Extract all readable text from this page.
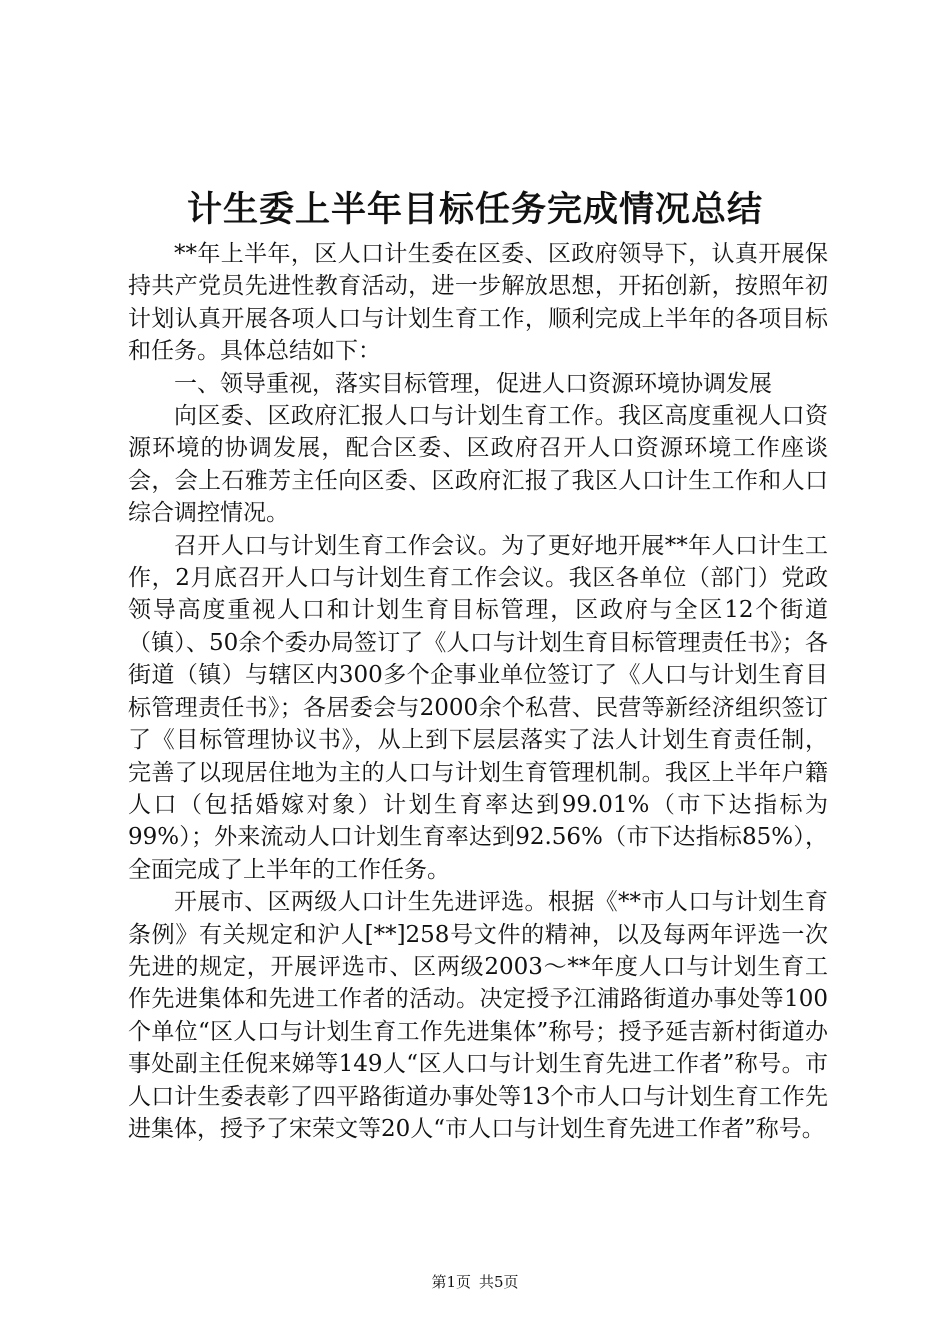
计生委上半年目标任务完成情况总结

**年上半年，区人口计生委在区委、区政府领导下，认真开展保持共产党员先进性教育活动，进一步解放思想，开拓创新，按照年初计划认真开展各项人口与计划生育工作，顺利完成上半年的各项目标和任务。具体总结如下：

一、领导重视，落实目标管理，促进人口资源环境协调发展

向区委、区政府汇报人口与计划生育工作。我区高度重视人口资源环境的协调发展，配合区委、区政府召开人口资源环境工作座谈会，会上石雅芳主任向区委、区政府汇报了我区人口计生工作和人口综合调控情况。

召开人口与计划生育工作会议。为了更好地开展**年人口计生工作，2月底召开人口与计划生育工作会议。我区各单位（部门）党政领导高度重视人口和计划生育目标管理，区政府与全区12个街道（镇）、50余个委办局签订了《人口与计划生育目标管理责任书》；各街道（镇）与辖区内300多个企事业单位签订了《人口与计划生育目标管理责任书》；各居委会与2000余个私营、民营等新经济组织签订了《目标管理协议书》，从上到下层层落实了法人计划生育责任制，完善了以现居住地为主的人口与计划生育管理机制。我区上半年户籍人口（包括婚嫁对象）计划生育率达到99.01%（市下达指标为99%）；外来流动人口计划生育率达到92.56%（市下达指标85%），全面完成了上半年的工作任务。

开展市、区两级人口计生先进评选。根据《**市人口与计划生育条例》有关规定和沪人[**]258号文件的精神，以及每两年评选一次先进的规定，开展评选市、区两级2003～**年度人口与计划生育工作先进集体和先进工作者的活动。决定授予江浦路街道办事处等100个单位“区人口与计划生育工作先进集体”称号；授予延吉新村街道办事处副主任倪来娣等149人“区人口与计划生育先进工作者”称号。市人口计生委表彰了四平路街道办事处等13个市人口与计划生育工作先进集体，授予了宋荣文等20人“市人口与计划生育先进工作者”称号。

第1页 共5页
